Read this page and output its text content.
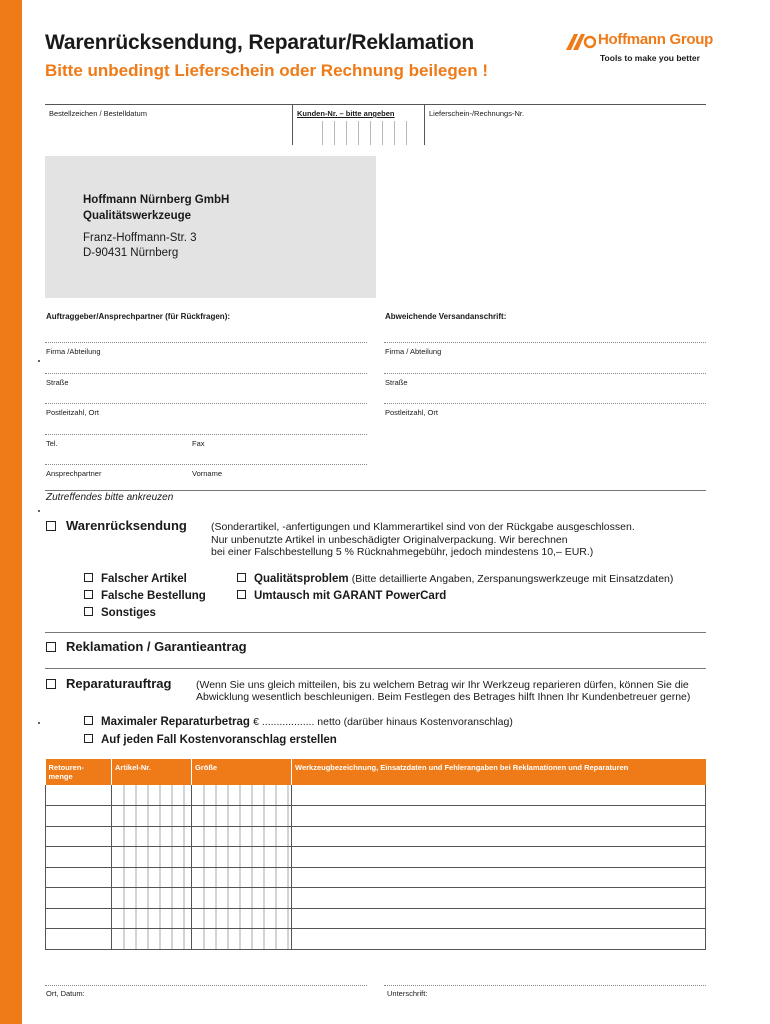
Warenrücksendung, Reparatur/Reklamation
Bitte unbedingt Lieferschein oder Rechnung beilegen !
Hoffmann Group
Tools to make you better
Bestellzeichen / Bestelldatum	Kunden-Nr. – bitte angeben	Lieferschein-/Rechnungs-Nr.
Hoffmann Nürnberg GmbH
Qualitätswerkzeuge
Franz-Hoffmann-Str. 3
D-90431 Nürnberg
Auftraggeber/Ansprechpartner (für Rückfragen):	Abweichende Versandanschrift:
Firma /Abteilung
Straße
Postleitzahl, Ort
Tel.	Fax
Ansprechpartner	Vorname
Firma / Abteilung
Straße
Postleitzahl, Ort
Zutreffendes bitte ankreuzen
Warenrücksendung (Sonderartikel, -anfertigungen und Klammerartikel sind von der Rückgabe ausgeschlossen.
Nur unbenutzte Artikel in unbeschädigter Originalverpackung. Wir berechnen
bei einer Falschbestellung 5 % Rücknahmegebühr, jedoch mindestens 10,– EUR.)
Falscher Artikel
Falsche Bestellung
Sonstiges
Qualitätsproblem (Bitte detaillierte Angaben, Zerspanungswerkzeuge mit Einsatzdaten)
Umtausch mit GARANT PowerCard
Reklamation / Garantieantrag
Reparaturauftrag (Wenn Sie uns gleich mitteilen, bis zu welchem Betrag wir Ihr Werkzeug reparieren dürfen, können Sie die
Abwicklung wesentlich beschleunigen. Beim Festlegen des Betrages hilft Ihnen Ihr Kundenbetreuer gerne)
Maximaler Reparaturbetrag € .................. netto (darüber hinaus Kostenvoranschlag)
Auf jeden Fall Kostenvoranschlag erstellen
Retouren-
menge	Artikel-Nr.	Größe	Werkzeugbezeichnung, Einsatzdaten und Fehlerangaben bei Reklamationen und Reparaturen

Ort, Datum:	Unterschrift:
